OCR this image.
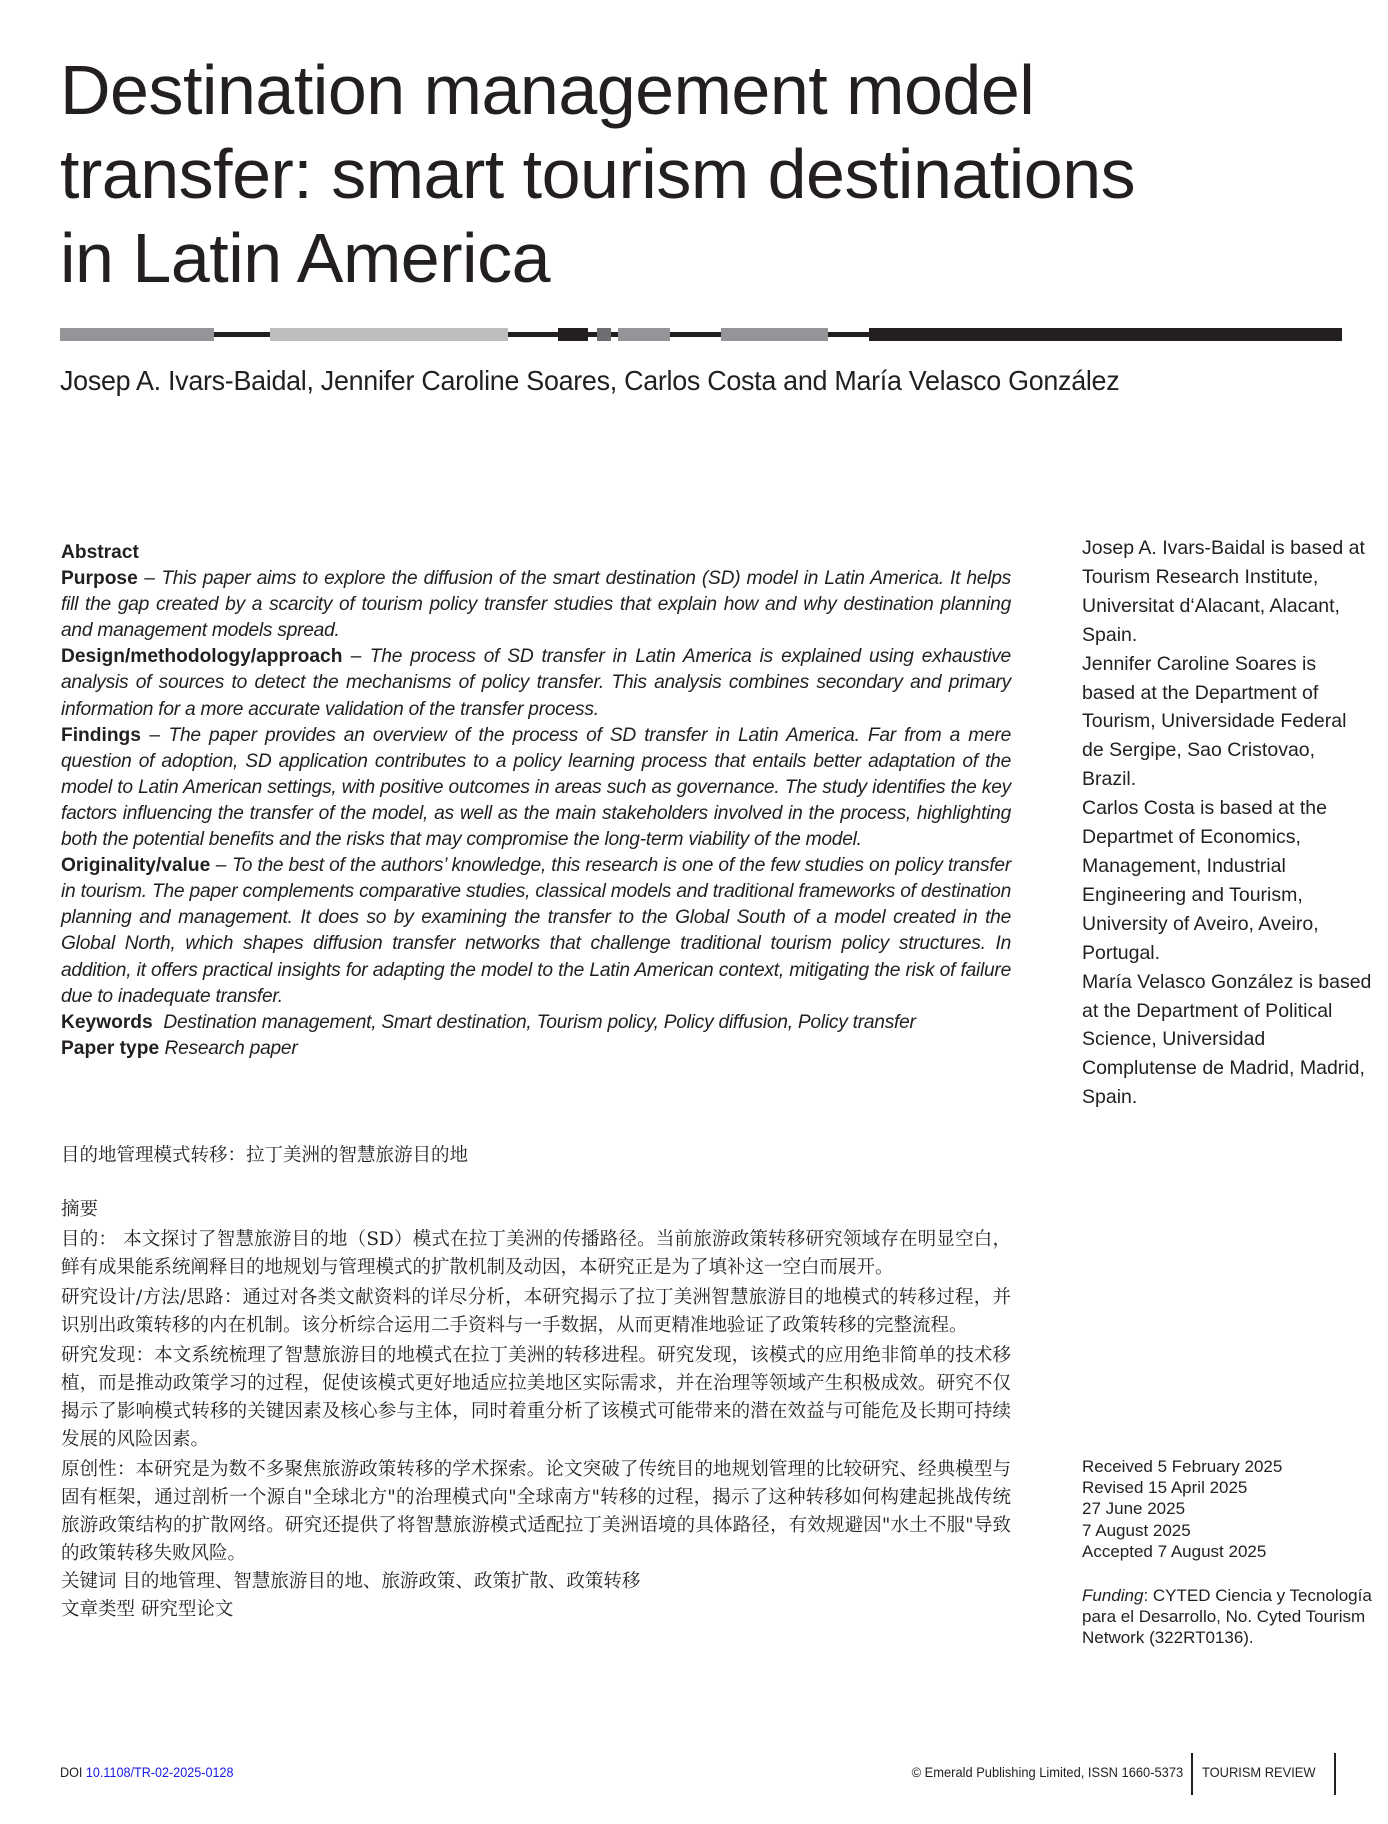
Destination management model
transfer: smart tourism destinations
in Latin America
Josep A. Ivars-Baidal, Jennifer Caroline Soares, Carlos Costa and María Velasco González
Abstract

Purpose – This paper aims to explore the diffusion of the smart destination (SD) model in Latin America. It helps fill the gap created by a scarcity of tourism policy transfer studies that explain how and why destination planning and management models spread.

Design/methodology/approach – The process of SD transfer in Latin America is explained using exhaustive analysis of sources to detect the mechanisms of policy transfer. This analysis combines secondary and primary information for a more accurate validation of the transfer process.

Findings – The paper provides an overview of the process of SD transfer in Latin America. Far from a mere question of adoption, SD application contributes to a policy learning process that entails better adaptation of the model to Latin American settings, with positive outcomes in areas such as governance. The study identifies the key factors influencing the transfer of the model, as well as the main stakeholders involved in the process, highlighting both the potential benefits and the risks that may compromise the long-term viability of the model.

Originality/value – To the best of the authors’ knowledge, this research is one of the few studies on policy transfer in tourism. The paper complements comparative studies, classical models and traditional frameworks of destination planning and management. It does so by examining the transfer to the Global South of a model created in the Global North, which shapes diffusion transfer networks that challenge traditional tourism policy structures. In addition, it offers practical insights for adapting the model to the Latin American context, mitigating the risk of failure due to inadequate transfer.

Keywords Destination management, Smart destination, Tourism policy, Policy diffusion, Policy transfer

Paper type Research paper

目的地管理模式转移：拉丁美洲的智慧旅游目的地

摘要

目的： 本文探讨了智慧旅游目的地（SD）模式在拉丁美洲的传播路径。当前旅游政策转移研究领域存在明显空白，鲜有成果能系统阐释目的地规划与管理模式的扩散机制及动因，本研究正是为了填补这一空白而展开。

研究设计/方法/思路：通过对各类文献资料的详尽分析，本研究揭示了拉丁美洲智慧旅游目的地模式的转移过程，并识别出政策转移的内在机制。该分析综合运用二手资料与一手数据，从而更精准地验证了政策转移的完整流程。

研究发现：本文系统梳理了智慧旅游目的地模式在拉丁美洲的转移进程。研究发现，该模式的应用绝非简单的技术移植，而是推动政策学习的过程，促使该模式更好地适应拉美地区实际需求，并在治理等领域产生积极成效。研究不仅揭示了影响模式转移的关键因素及核心参与主体，同时着重分析了该模式可能带来的潜在效益与可能危及长期可持续发展的风险因素。

原创性：本研究是为数不多聚焦旅游政策转移的学术探索。论文突破了传统目的地规划管理的比较研究、经典模型与固有框架，通过剖析一个源自"全球北方"的治理模式向"全球南方"转移的过程，揭示了这种转移如何构建起挑战传统旅游政策结构的扩散网络。研究还提供了将智慧旅游模式适配拉丁美洲语境的具体路径，有效规避因"水土不服"导致的政策转移失败风险。

关键词 目的地管理、智慧旅游目的地、旅游政策、政策扩散、政策转移

文章类型 研究型论文

Josep A. Ivars-Baidal is based at Tourism Research Institute, Universitat d‘Alacant, Alacant, Spain.

Jennifer Caroline Soares is based at the Department of Tourism, Universidade Federal de Sergipe, Sao Cristovao, Brazil.

Carlos Costa is based at the Departmet of Economics, Management, Industrial Engineering and Tourism, University of Aveiro, Aveiro, Portugal.

María Velasco González is based at the Department of Political Science, Universidad Complutense de Madrid, Madrid, Spain.

Received 5 February 2025
Revised 15 April 2025
27 June 2025
7 August 2025
Accepted 7 August 2025
Funding: CYTED Ciencia y Tecnología para el Desarrollo, No. Cyted Tourism Network (322RT0136).
DOI 10.1108/TR-02-2025-0128	© Emerald Publishing Limited, ISSN 1660-5373 TOURISM REVIEW
